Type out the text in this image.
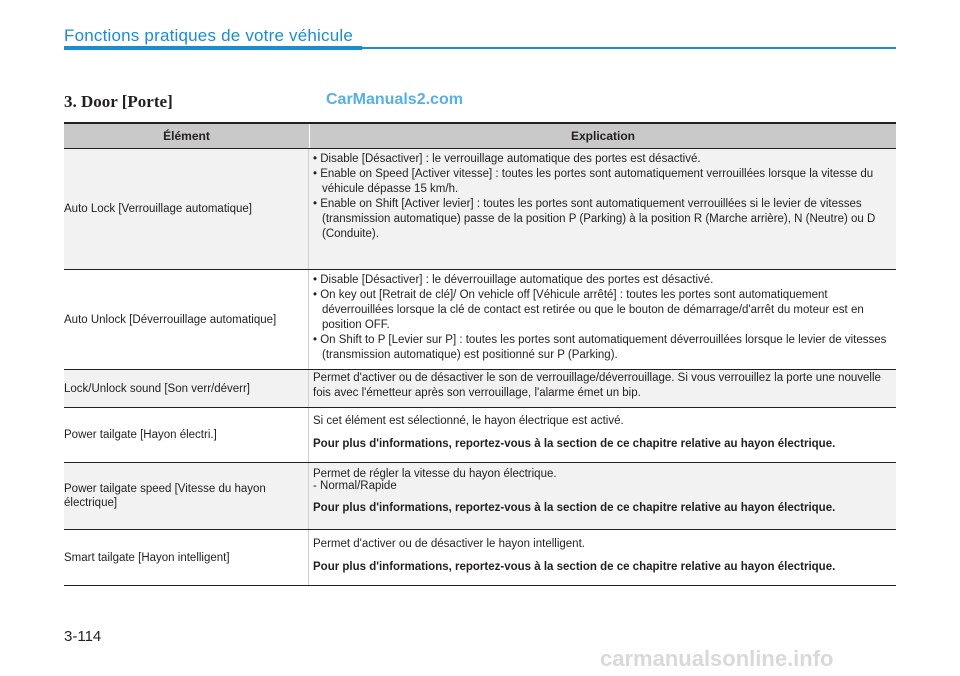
Fonctions pratiques de votre véhicule
3. Door [Porte]	CarManuals2.com
Élément	Explication
Auto Lock [Verrouillage automatique]
• Disable [Désactiver] : le verrouillage automatique des portes est désactivé.
• Enable on Speed [Activer vitesse] : toutes les portes sont automatiquement verrouillées lorsque la vitesse du véhicule dépasse 15 km/h.
• Enable on Shift [Activer levier] : toutes les portes sont automatiquement verrouillées si le levier de vitesses (transmission automatique) passe de la position P (Parking) à la position R (Marche arrière), N (Neutre) ou D (Conduite).
Auto Unlock [Déverrouillage automatique]
• Disable [Désactiver] : le déverrouillage automatique des portes est désactivé.
• On key out [Retrait de clé]/ On vehicle off [Véhicule arrêté] : toutes les portes sont automatiquement déverrouillées lorsque la clé de contact est retirée ou que le bouton de démarrage/d'arrêt du moteur est en position OFF.
• On Shift to P [Levier sur P] : toutes les portes sont automatiquement déverrouillées lorsque le levier de vitesses (transmission automatique) est positionné sur P (Parking).
Lock/Unlock sound [Son verr/déverr]
Permet d'activer ou de désactiver le son de verrouillage/déverrouillage. Si vous verrouillez la porte une nouvelle fois avec l'émetteur après son verrouillage, l'alarme émet un bip.
Power tailgate [Hayon électri.]
Si cet élément est sélectionné, le hayon électrique est activé.
Pour plus d'informations, reportez-vous à la section de ce chapitre relative au hayon électrique.
Power tailgate speed [Vitesse du hayon électrique]
Permet de régler la vitesse du hayon électrique.
- Normal/Rapide
Pour plus d'informations, reportez-vous à la section de ce chapitre relative au hayon électrique.
Smart tailgate [Hayon intelligent]
Permet d'activer ou de désactiver le hayon intelligent.
Pour plus d'informations, reportez-vous à la section de ce chapitre relative au hayon électrique.
3-114
carmanualsonline.info
